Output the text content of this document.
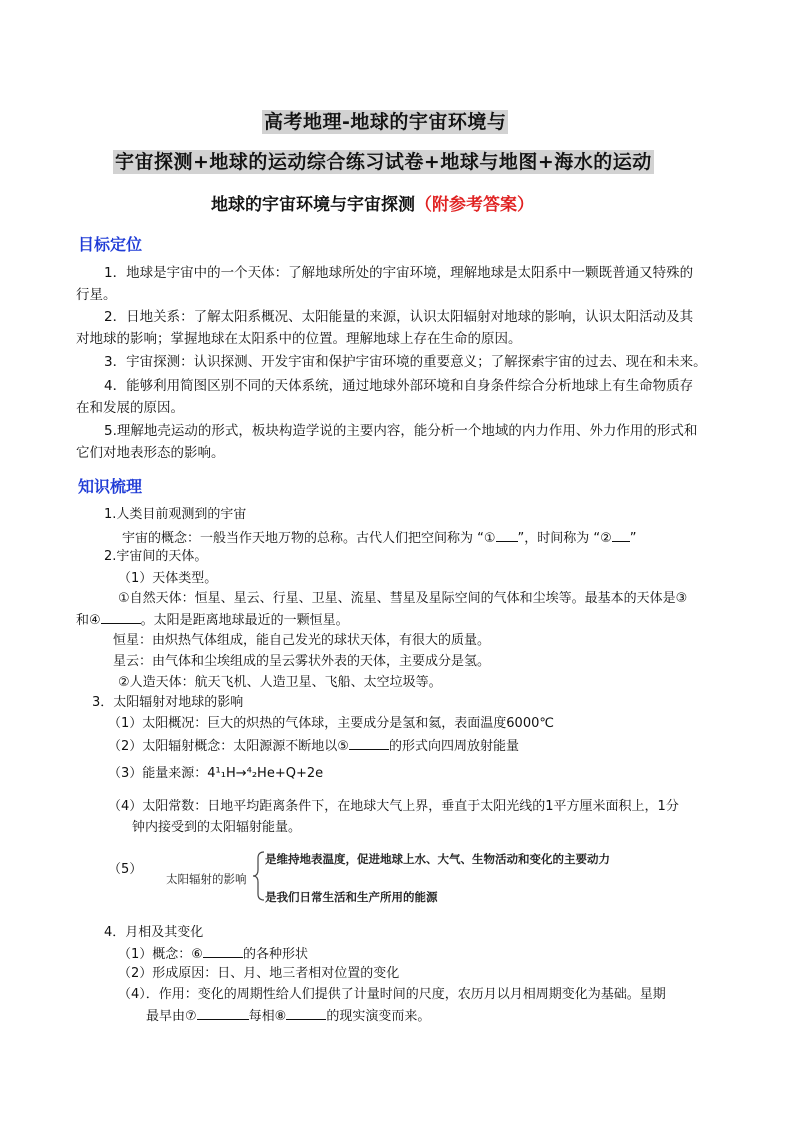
高考地理-地球的宇宙环境与
宇宙探测+地球的运动综合练习试卷+地球与地图+海水的运动
地球的宇宙环境与宇宙探测（附参考答案）
目标定位
1．地球是宇宙中的一个天体：了解地球所处的宇宙环境，理解地球是太阳系中一颗既普通又特殊的
行星。
2．日地关系：了解太阳系概况、太阳能量的来源，认识太阳辐射对地球的影响，认识太阳活动及其
对地球的影响；掌握地球在太阳系中的位置。理解地球上存在生命的原因。
3．宇宙探测：认识探测、开发宇宙和保护宇宙环境的重要意义；了解探索宇宙的过去、现在和未来。
4．能够利用简图区别不同的天体系统，通过地球外部环境和自身条件综合分析地球上有生命物质存
在和发展的原因。
5.理解地壳运动的形式，板块构造学说的主要内容，能分析一个地域的内力作用、外力作用的形式和
它们对地表形态的影响。
知识梳理
1.人类目前观测到的宇宙
宇宙的概念：一般当作天地万物的总称。古代人们把空间称为 “① ”，时间称为 “② ”
2.宇宙间的天体。
（1）天体类型。
①自然天体：恒星、星云、行星、卫星、流星、彗星及星际空间的气体和尘埃等。最基本的天体是③
和④	。太阳是距离地球最近的一颗恒星。
恒星：由炽热气体组成，能自己发光的球状天体，有很大的质量。
星云：由气体和尘埃组成的呈云雾状外表的天体，主要成分是氢。
②人造天体：航天飞机、人造卫星、飞船、太空垃圾等。
3．太阳辐射对地球的影响
（1）太阳概况：巨大的炽热的气体球，主要成分是氢和氦，表面温度6000℃
（2）太阳辐射概念：太阳源源不断地以⑤	的形式向四周放射能量
（3）能量来源：4¹₁H→⁴₂He+Q+2e
（4）太阳常数：日地平均距离条件下，在地球大气上界，垂直于太阳光线的1平方厘米面积上，1分
钟内接受到的太阳辐射能量。
（5）
太阳辐射的影响
是维持地表温度，促进地球上水、大气、生物活动和变化的主要动力
是我们日常生活和生产所用的能源
4．月相及其变化
（1）概念：⑥	的各种形状
（2）形成原因：日、月、地三者相对位置的变化
（4）．作用：变化的周期性给人们提供了计量时间的尺度，农历月以月相周期变化为基础。星期
最早由⑦	每相⑧	的现实演变而来。
